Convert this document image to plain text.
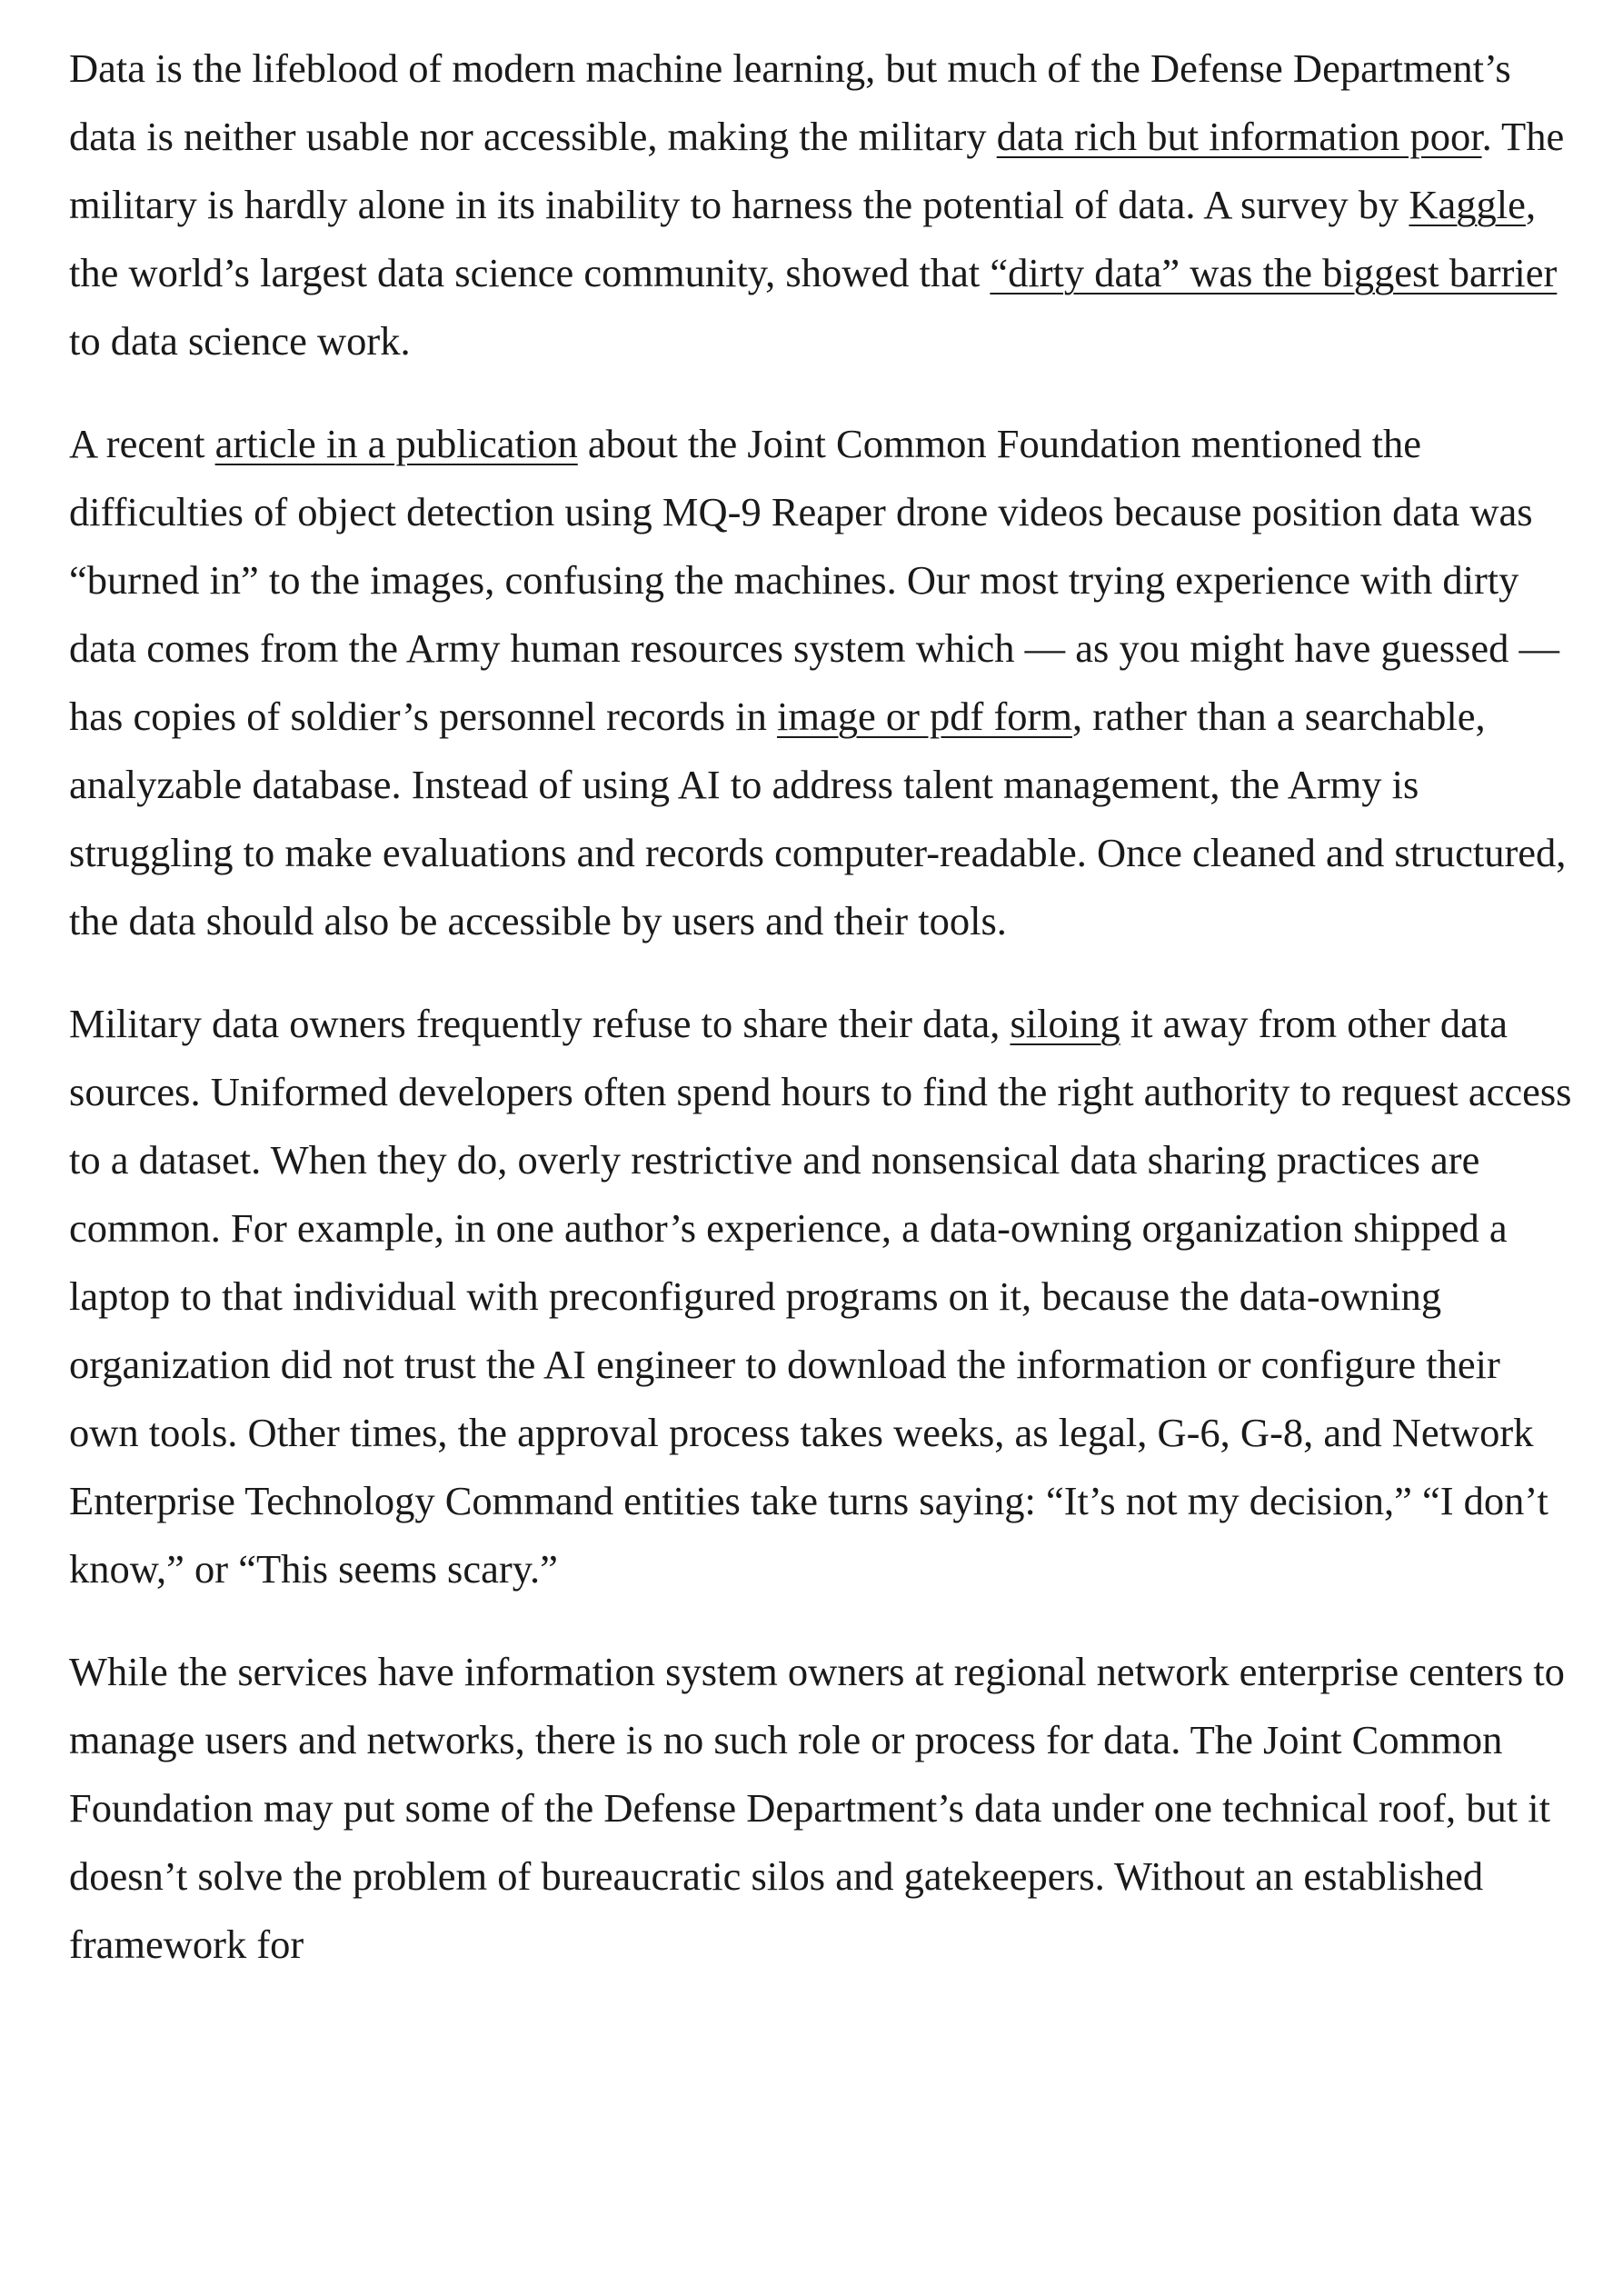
Data is the lifeblood of modern machine learning, but much of the Defense Department’s data is neither usable nor accessible, making the military data rich but information poor. The military is hardly alone in its inability to harness the potential of data. A survey by Kaggle, the world’s largest data science community, showed that “dirty data” was the biggest barrier to data science work.

A recent article in a publication about the Joint Common Foundation mentioned the difficulties of object detection using MQ-9 Reaper drone videos because position data was “burned in” to the images, confusing the machines. Our most trying experience with dirty data comes from the Army human resources system which — as you might have guessed — has copies of soldier’s personnel records in image or pdf form, rather than a searchable, analyzable database. Instead of using AI to address talent management, the Army is struggling to make evaluations and records computer-readable. Once cleaned and structured, the data should also be accessible by users and their tools.

Military data owners frequently refuse to share their data, siloing it away from other data sources. Uniformed developers often spend hours to find the right authority to request access to a dataset. When they do, overly restrictive and nonsensical data sharing practices are common. For example, in one author’s experience, a data-owning organization shipped a laptop to that individual with preconfigured programs on it, because the data-owning organization did not trust the AI engineer to download the information or configure their own tools. Other times, the approval process takes weeks, as legal, G-6, G-8, and Network Enterprise Technology Command entities take turns saying: “It’s not my decision,” “I don’t know,” or “This seems scary.”

While the services have information system owners at regional network enterprise centers to manage users and networks, there is no such role or process for data. The Joint Common Foundation may put some of the Defense Department’s data under one technical roof, but it doesn’t solve the problem of bureaucratic silos and gatekeepers. Without an established framework for
